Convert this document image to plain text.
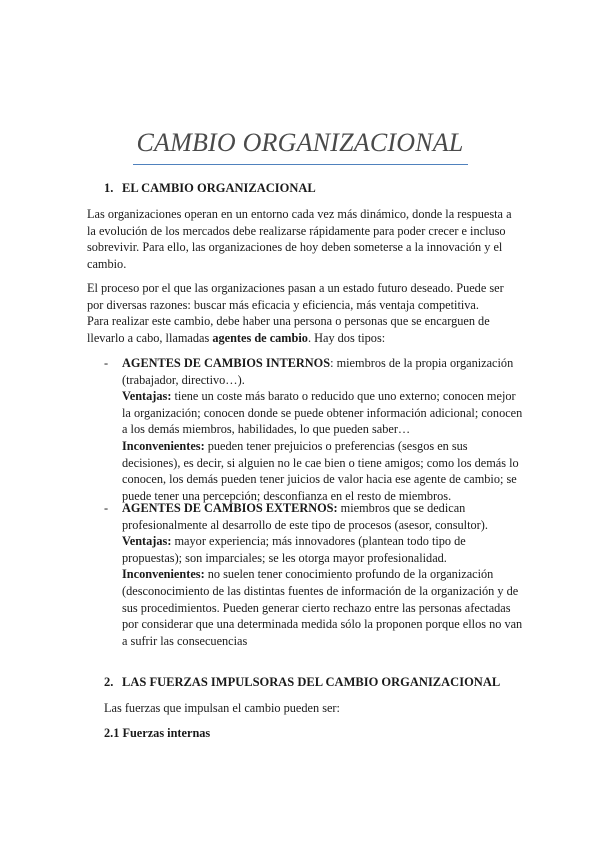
CAMBIO ORGANIZACIONAL
1. EL CAMBIO ORGANIZACIONAL

Las organizaciones operan en un entorno cada vez más dinámico, donde la respuesta a la evolución de los mercados debe realizarse rápidamente para poder crecer e incluso sobrevivir. Para ello, las organizaciones de hoy deben someterse a la innovación y el cambio.

El proceso por el que las organizaciones pasan a un estado futuro deseado. Puede ser por diversas razones: buscar más eficacia y eficiencia, más ventaja competitiva.

Para realizar este cambio, debe haber una persona o personas que se encarguen de llevarlo a cabo, llamadas agentes de cambio. Hay dos tipos:

- AGENTES DE CAMBIOS INTERNOS: miembros de la propia organización (trabajador, directivo…).

Ventajas: tiene un coste más barato o reducido que uno externo; conocen mejor la organización; conocen donde se puede obtener información adicional; conocen a los demás miembros, habilidades, lo que pueden saber…

Inconvenientes: pueden tener prejuicios o preferencias (sesgos en sus decisiones), es decir, si alguien no le cae bien o tiene amigos; como los demás lo conocen, los demás pueden tener juicios de valor hacia ese agente de cambio; se puede tener una percepción; desconfianza en el resto de miembros.

- AGENTES DE CAMBIOS EXTERNOS: miembros que se dedican profesionalmente al desarrollo de este tipo de procesos (asesor, consultor).

Ventajas: mayor experiencia; más innovadores (plantean todo tipo de propuestas); son imparciales; se les otorga mayor profesionalidad.

Inconvenientes: no suelen tener conocimiento profundo de la organización (desconocimiento de las distintas fuentes de información de la organización y de sus procedimientos. Pueden generar cierto rechazo entre las personas afectadas por considerar que una determinada medida sólo la proponen porque ellos no van a sufrir las consecuencias

2. LAS FUERZAS IMPULSORAS DEL CAMBIO ORGANIZACIONAL

Las fuerzas que impulsan el cambio pueden ser:

2.1 Fuerzas internas
